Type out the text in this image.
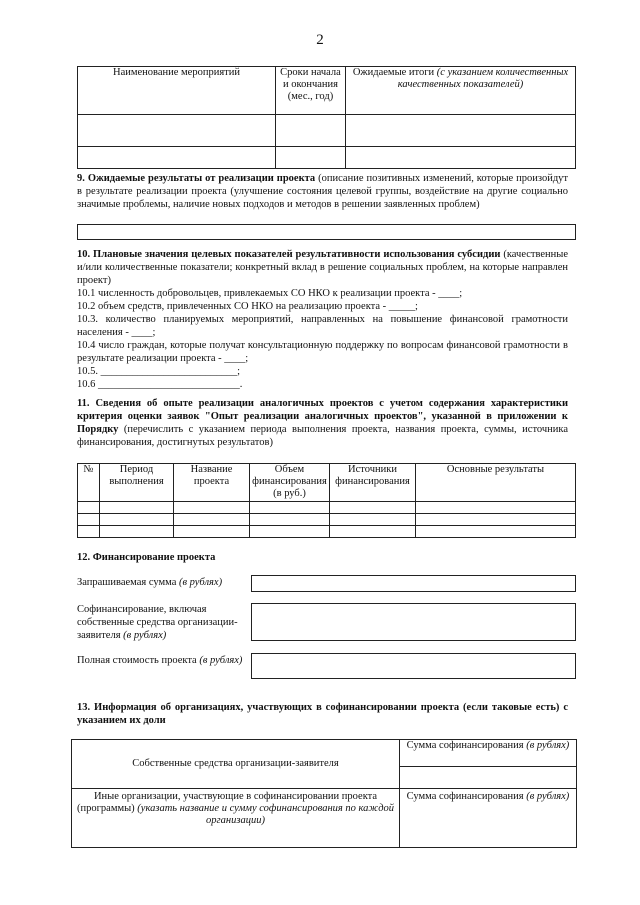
2
Наименование мероприятий	Сроки начала и окончания (мес., год)	Ожидаемые итоги (с указанием количественных качественных показателей)

9. Ожидаемые результаты от реализации проекта (описание позитивных изменений, которые произойдут в результате реализации проекта (улучшение состояния целевой группы, воздействие на другие социально значимые проблемы, наличие новых подходов и методов в решении заявленных проблем)
10. Плановые значения целевых показателей результативности использования субсидии (качественные и/или количественные показатели; конкретный вклад в решение социальных проблем, на которые направлен проект)
10.1 численность добровольцев, привлекаемых СО НКО к реализации проекта - ____;
10.2 объем средств, привлеченных СО НКО на реализацию проекта - _____;
10.3. количество планируемых мероприятий, направленных на повышение финансовой грамотности населения - ____;
10.4 число граждан, которые получат консультационную поддержку по вопросам финансовой грамотности в результате реализации проекта - ____;
10.5. __________________________;
10.6 ___________________________.
11. Сведения об опыте реализации аналогичных проектов с учетом содержания характеристики критерия оценки заявок "Опыт реализации аналогичных проектов", указанной в приложении к Порядку (перечислить с указанием периода выполнения проекта, названия проекта, суммы, источника финансирования, достигнутых результатов)
№	Период выполнения	Название проекта	Объем финансирования (в руб.)	Источники финансирования	Основные результаты

12. Финансирование проекта
Запрашиваемая сумма (в рублях)
Софинансирование, включая собственные средства организации-заявителя (в рублях)
Полная стоимость проекта (в рублях)
13. Информация об организациях, участвующих в софинансировании проекта (если таковые есть) с указанием их доли
Собственные средства организации-заявителя	Сумма софинансирования (в рублях)

Иные организации, участвующие в софинансировании проекта (программы) (указать название и сумму софинансирования по каждой организации)	Сумма софинансирования (в рублях)
